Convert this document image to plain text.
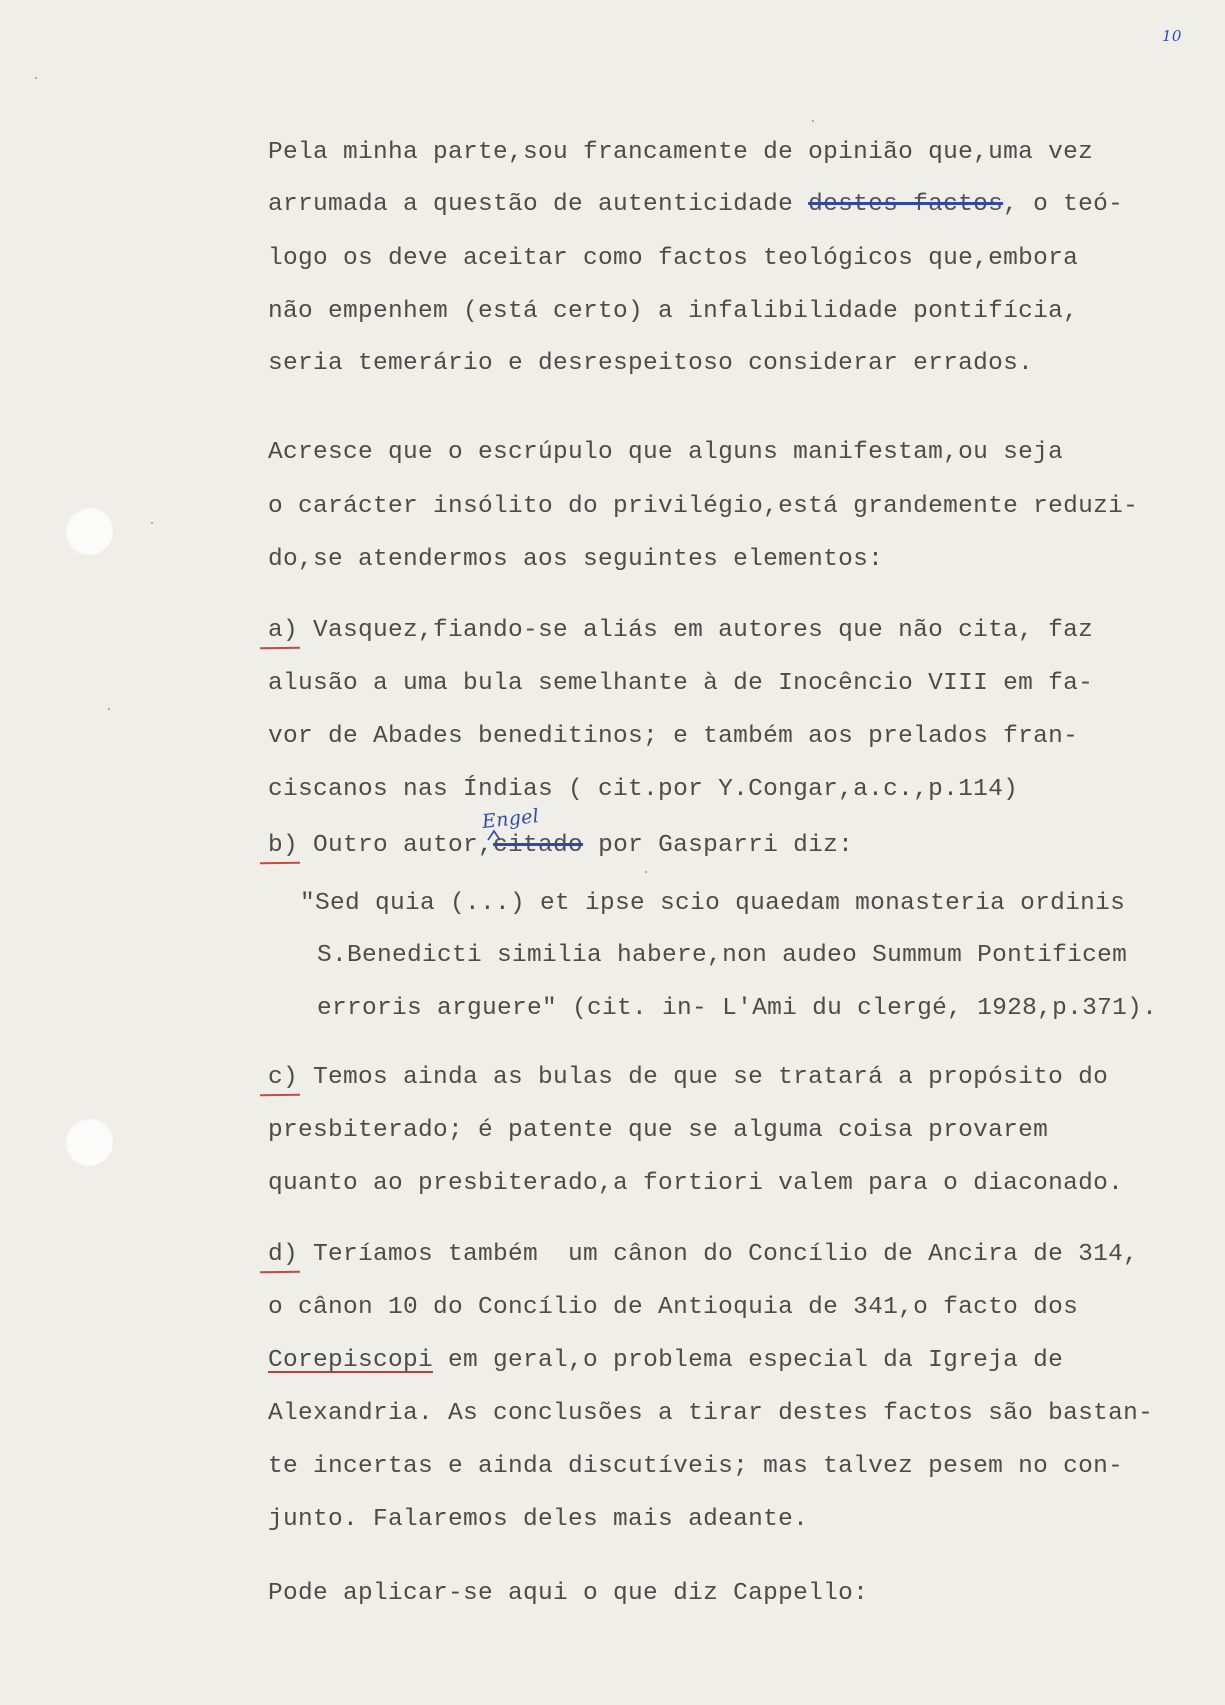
10
Pela minha parte,sou francamente de opinião que,uma vez
arrumada a questão de autenticidade destes factos, o teó-
logo os deve aceitar como factos teológicos que,embora
não empenhem (está certo) a infalibilidade pontifícia,
seria temerário e desrespeitoso considerar errados.
Acresce que o escrúpulo que alguns manifestam,ou seja
o carácter insólito do privilégio,está grandemente reduzi-
do,se atendermos aos seguintes elementos:
a) Vasquez,fiando-se aliás em autores que não cita, faz
alusão a uma bula semelhante à de Inocêncio VIII em fa-
vor de Abades beneditinos; e também aos prelados fran-
ciscanos nas Índias ( cit.por Y.Congar,a.c.,p.114)
Engel
b) Outro autor,citado por Gasparri diz:
"Sed quia (...) et ipse scio quaedam monasteria ordinis
S.Benedicti similia habere,non audeo Summum Pontificem
erroris arguere" (cit. in- L'Ami du clergé, 1928,p.371).
c) Temos ainda as bulas de que se tratará a propósito do
presbiterado; é patente que se alguma coisa provarem
quanto ao presbiterado,a fortiori valem para o diaconado.
d) Teríamos também  um cânon do Concílio de Ancira de 314,
o cânon 10 do Concílio de Antioquia de 341,o facto dos
Corepiscopi em geral,o problema especial da Igreja de
Alexandria. As conclusões a tirar destes factos são bastan-
te incertas e ainda discutíveis; mas talvez pesem no con-
junto. Falaremos deles mais adeante.
Pode aplicar-se aqui o que diz Cappello:
